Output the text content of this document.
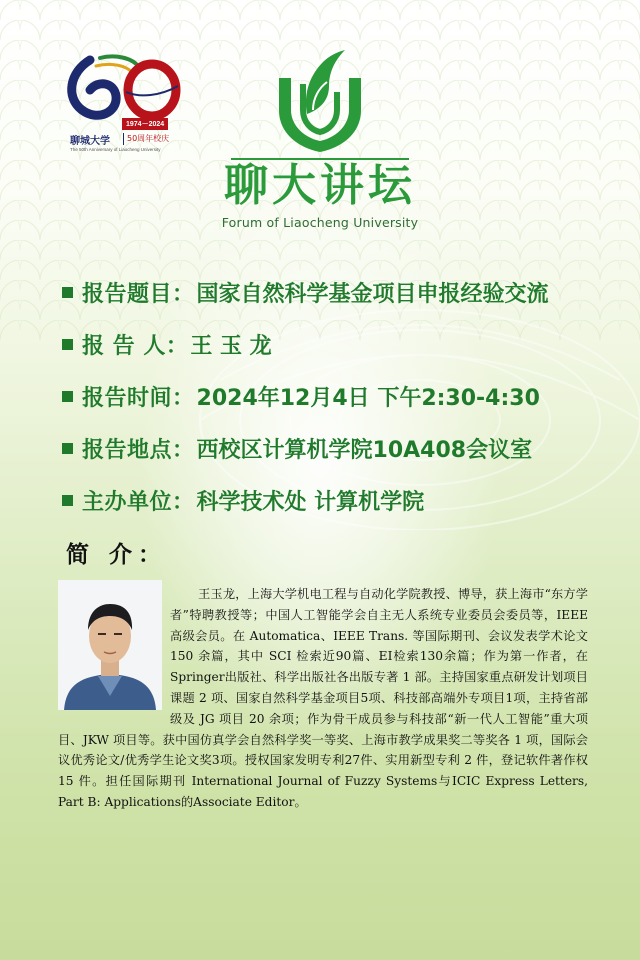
1974－2024
聊城大学 50周年校庆
The 50th Anniversary of Liaocheng University
聊大讲坛
Forum of Liaocheng University
报告题目： 国家自然科学基金项目申报经验交流
报 告 人： 王 玉 龙
报告时间： 2024年12月4日 下午2:30-4:30
报告地点： 西校区计算机学院10A408会议室
主办单位： 科学技术处 计算机学院
简 介：
王玉龙，上海大学机电工程与自动化学院教授、博导，获上海市“东方学者”特聘教授等；中国人工智能学会自主无人系统专业委员会委员等，IEEE 高级会员。在 Automatica、IEEE Trans. 等国际期刊、会议发表学术论文 150 余篇，其中 SCI 检索近90篇、EI检索130余篇；作为第一作者，在Springer出版社、科学出版社各出版专著 1 部。主持国家重点研发计划项目课题 2 项、国家自然科学基金项目5项、科技部高端外专项目1项，主持省部级及 JG 项目 20 余项；作为骨干成员参与科技部“新一代人工智能”重大项目、JKW 项目等。获中国仿真学会自然科学奖一等奖、上海市教学成果奖二等奖各 1 项，国际会议优秀论文/优秀学生论文奖3项。授权国家发明专利27件、实用新型专利 2 件，登记软件著作权 15 件。担任国际期刊 International Journal of Fuzzy Systems与ICIC Express Letters, Part B: Applications的Associate Editor。
